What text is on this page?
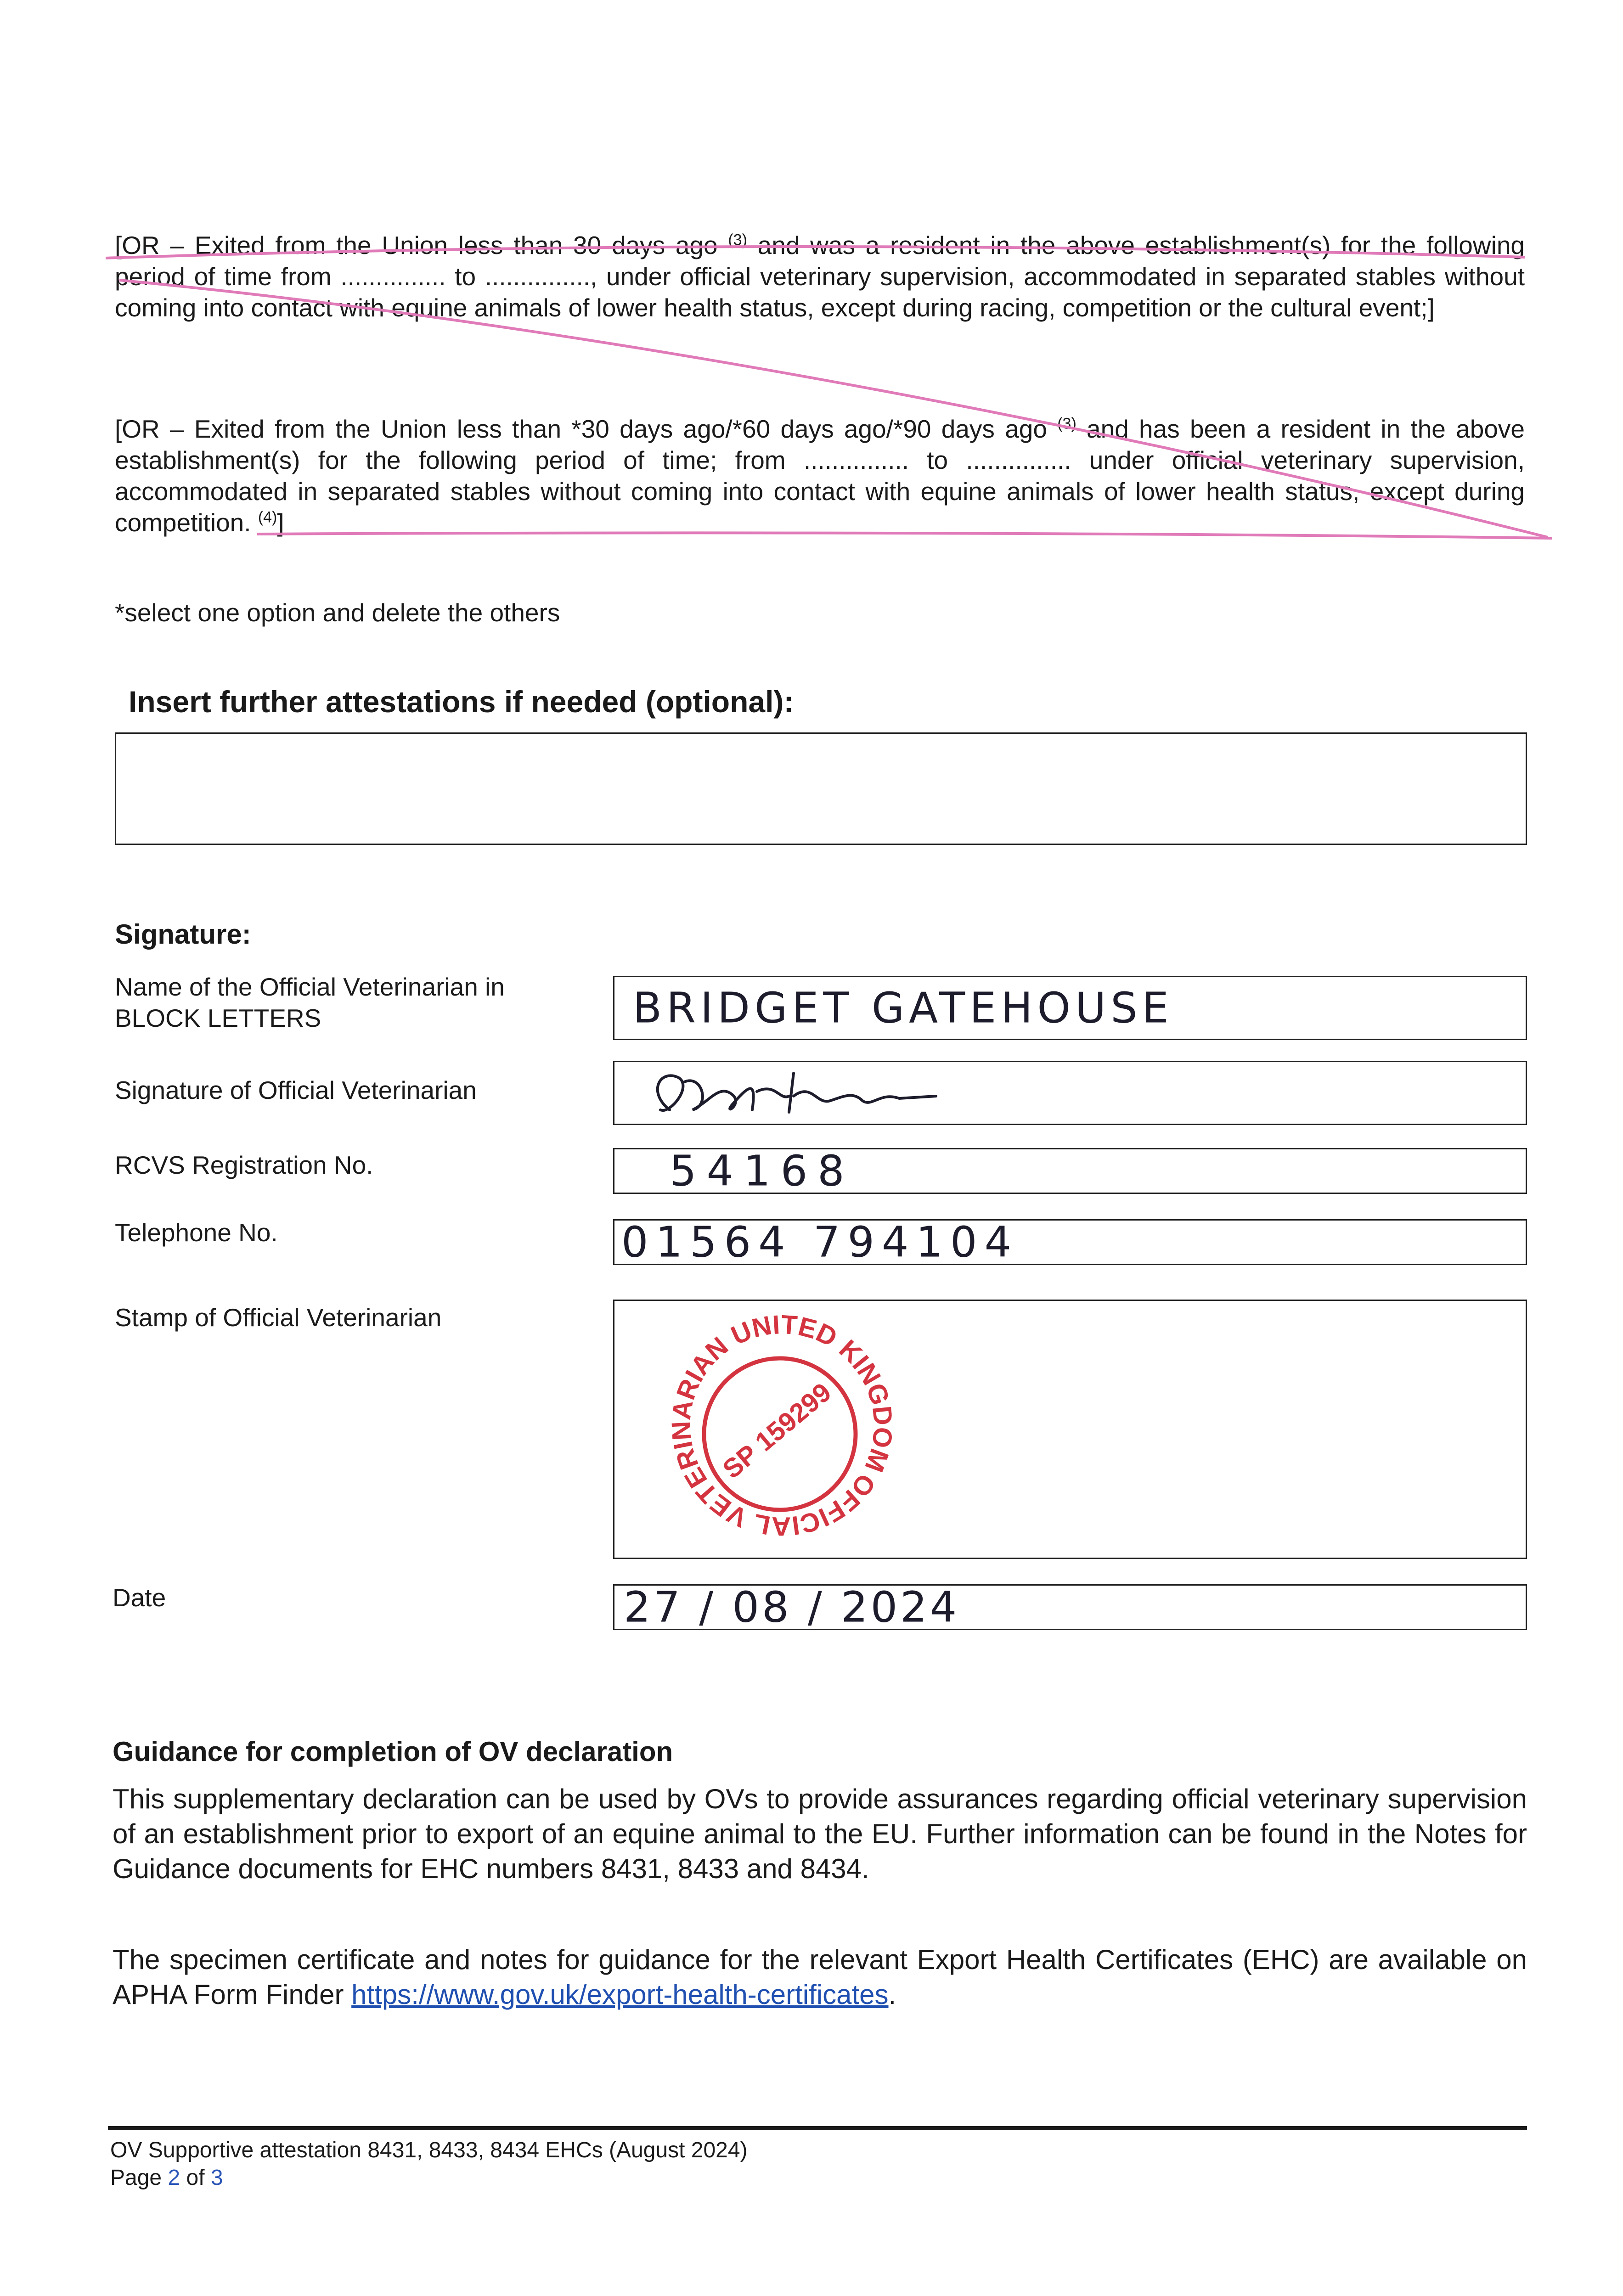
[OR – Exited from the Union less than 30 days ago $^{(3)}$ and was a resident in the above establishment(s) for the following period of time from ............... to ..............., under official veterinary supervision, accommodated in separated stables without coming into contact with equine animals of lower health status, except during racing, competition or the cultural event;]

[OR – Exited from the Union less than *30 days ago/*60 days ago/*90 days ago $^{(3)}$ and has been a resident in the above establishment(s) for the following period of time; from ............... to ............... under official veterinary supervision, accommodated in separated stables without coming into contact with equine animals of lower health status, except during competition. $^{(4)}$]

*select one option and delete the others
Insert further attestations if needed (optional):
Signature:
Name of the Official Veterinarian in BLOCK LETTERS	BRIDGET GATEHOUSE
Signature of Official Veterinarian
RCVS Registration No.	54168
Telephone No.	01564 794104
Stamp of Official Veterinarian
OFFICIAL VETERINARIAN UNITED KINGDOM
SP 159299
Date	27 / 08 / 2024
Guidance for completion of OV declaration

This supplementary declaration can be used by OVs to provide assurances regarding official veterinary supervision of an establishment prior to export of an equine animal to the EU. Further information can be found in the Notes for Guidance documents for EHC numbers 8431, 8433 and 8434.

The specimen certificate and notes for guidance for the relevant Export Health Certificates (EHC) are available on APHA Form Finder https://www.gov.uk/export-health-certificates.

OV Supportive attestation 8431, 8433, 8434 EHCs (August 2024)
Page 2 of 3
